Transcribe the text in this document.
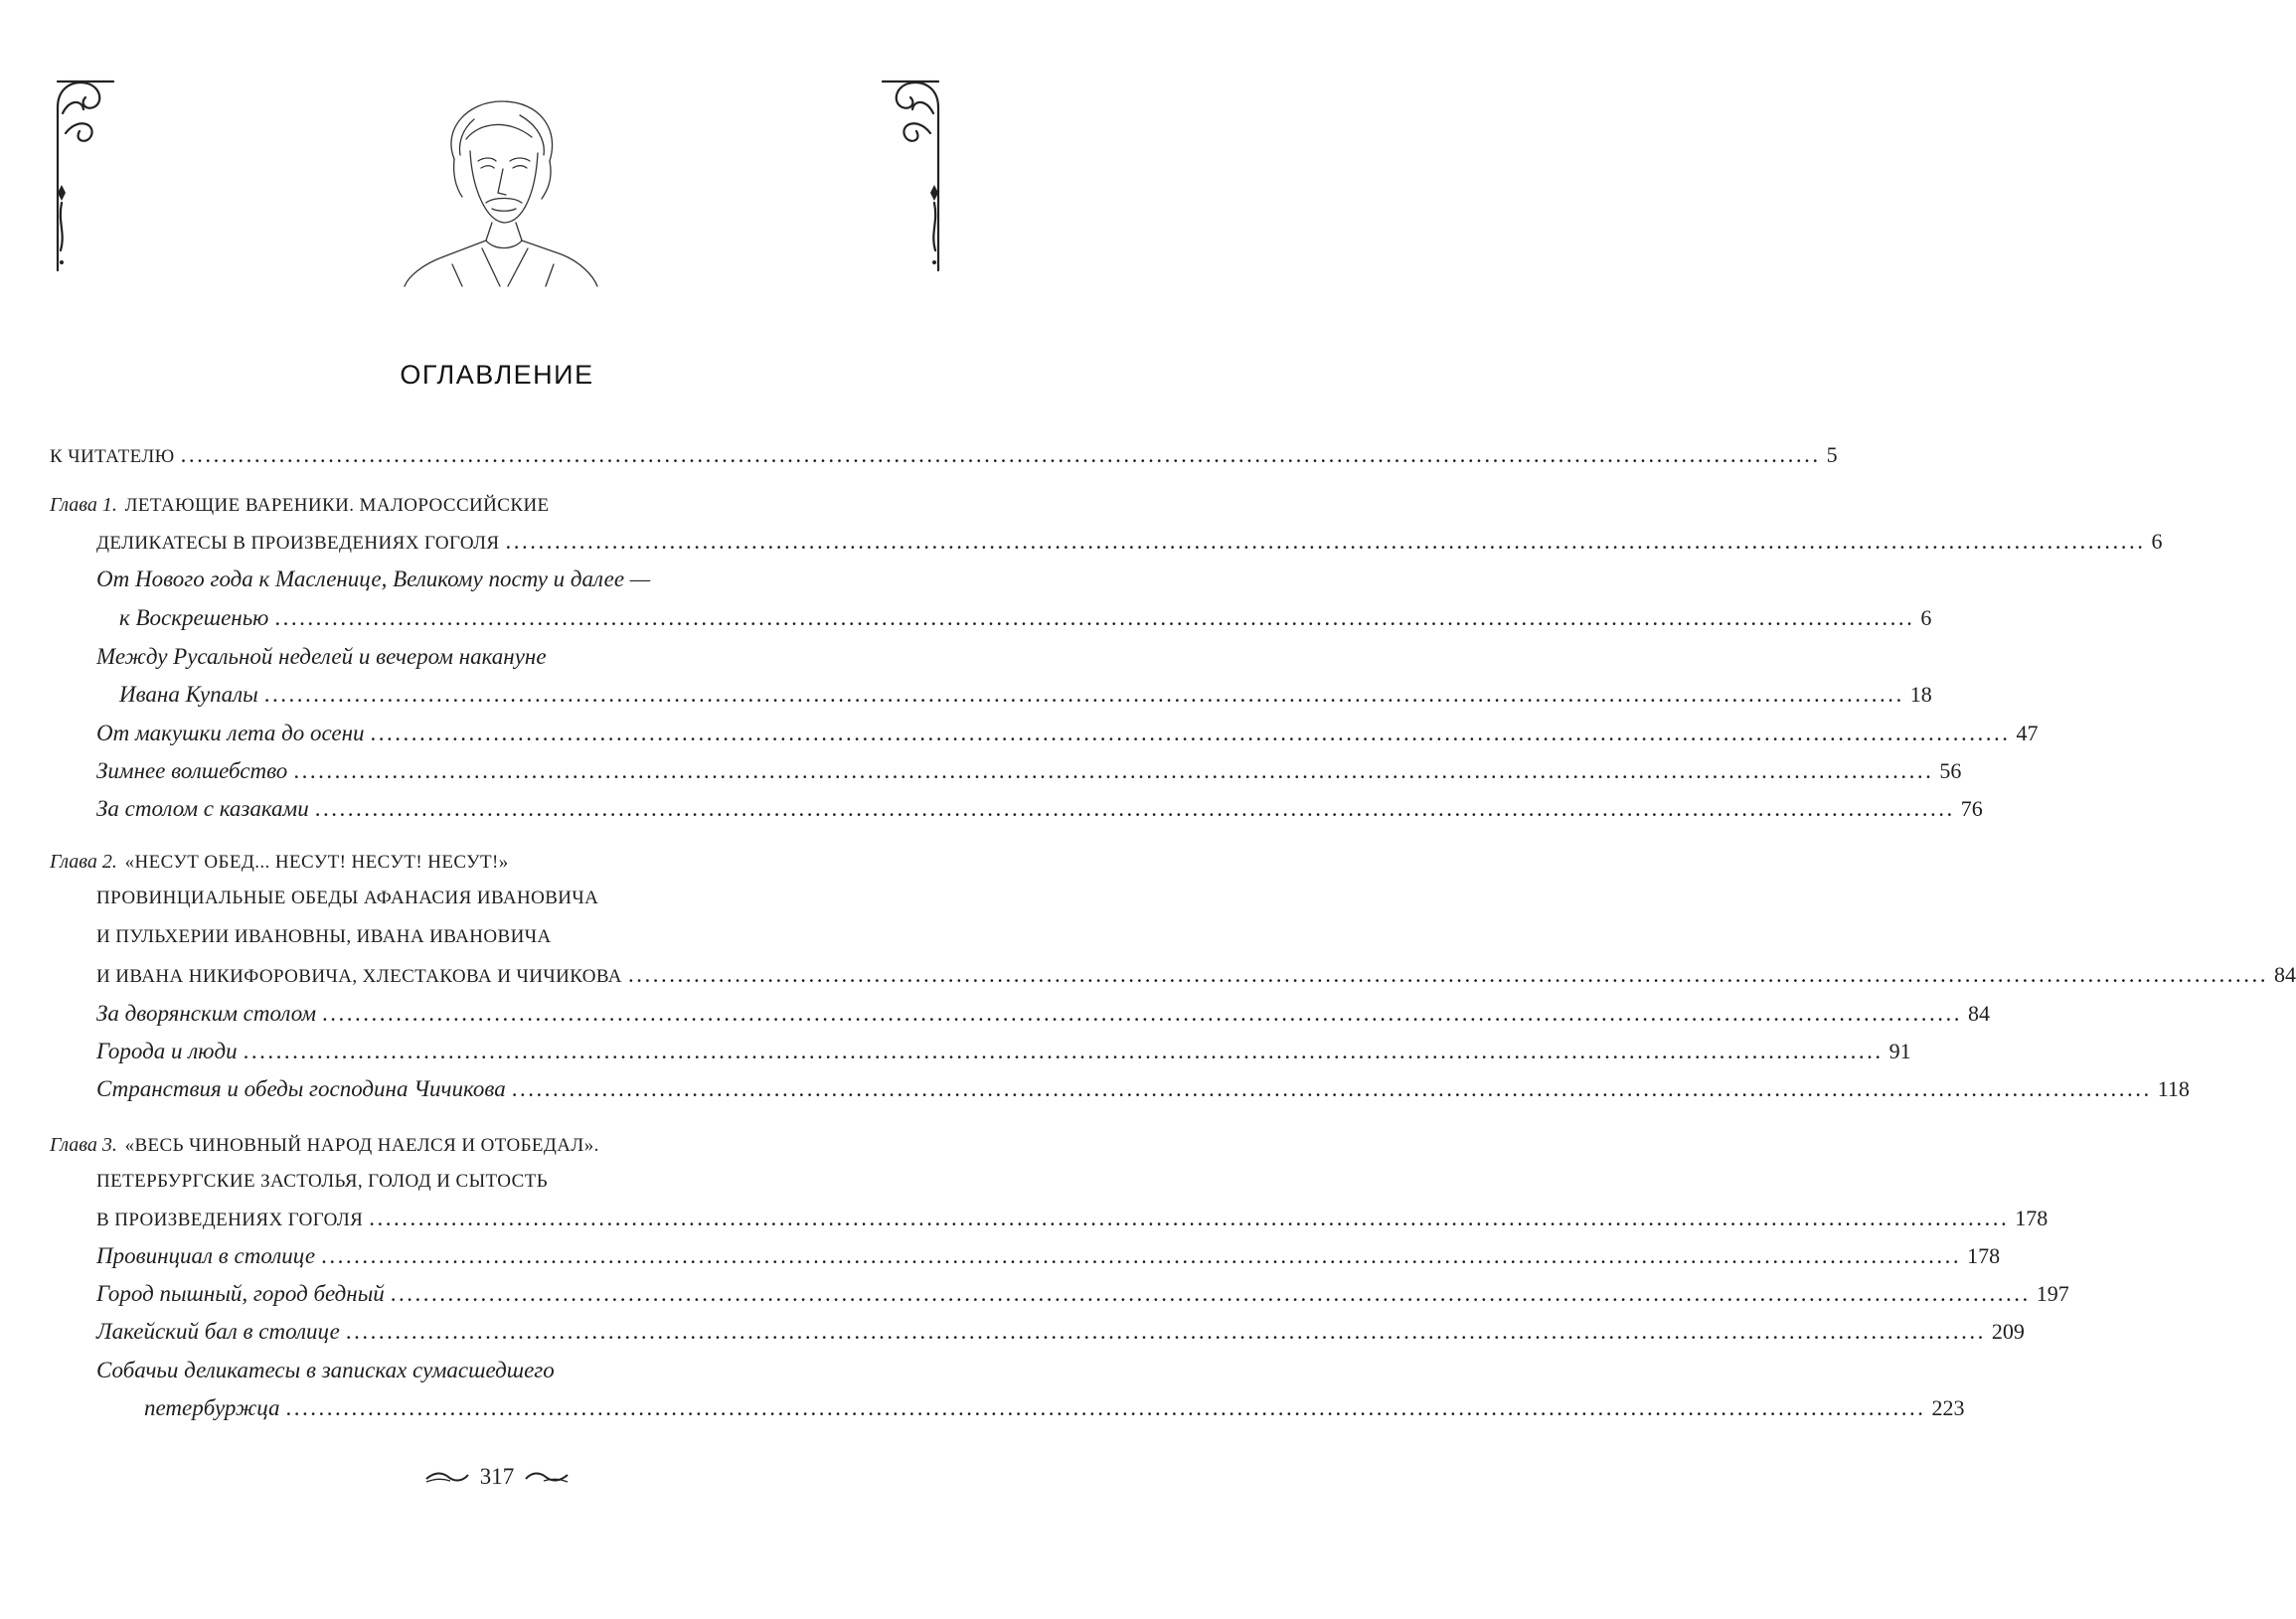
ОГЛАВЛЕНИЕ
К ЧИТАТЕЛЮ ........................................................................................................................................................................................................ 5
Глава 1. ЛЕТАЮЩИЕ ВАРЕНИКИ. МАЛОРОССИЙСКИЕ
ДЕЛИКАТЕСЫ В ПРОИЗВЕДЕНИЯХ ГОГОЛЯ ........................................................................................................................................................................................................ 6
От Нового года к Масленице, Великому посту и далее —
к Воскрешенью ........................................................................................................................................................................................................ 6
Между Русальной неделей и вечером накануне
Ивана Купалы ........................................................................................................................................................................................................ 18
От макушки лета до осени ........................................................................................................................................................................................................ 47
Зимнее волшебство ........................................................................................................................................................................................................ 56
За столом с казаками ........................................................................................................................................................................................................ 76
Глава 2. «НЕСУТ ОБЕД... НЕСУТ! НЕСУТ! НЕСУТ!»
ПРОВИНЦИАЛЬНЫЕ ОБЕДЫ АФАНАСИЯ ИВАНОВИЧА
И ПУЛЬХЕРИИ ИВАНОВНЫ, ИВАНА ИВАНОВИЧА
И ИВАНА НИКИФОРОВИЧА, ХЛЕСТАКОВА И ЧИЧИКОВА ........................................................................................................................................................................................................ 84
За дворянским столом ........................................................................................................................................................................................................ 84
Города и люди ........................................................................................................................................................................................................ 91
Странствия и обеды господина Чичикова ........................................................................................................................................................................................................ 118
Глава 3. «ВЕСЬ ЧИНОВНЫЙ НАРОД НАЕЛСЯ И ОТОБЕДАЛ».
ПЕТЕРБУРГСКИЕ ЗАСТОЛЬЯ, ГОЛОД И СЫТОСТЬ
В ПРОИЗВЕДЕНИЯХ ГОГОЛЯ ........................................................................................................................................................................................................ 178
Провинциал в столице ........................................................................................................................................................................................................ 178
Город пышный, город бедный ........................................................................................................................................................................................................ 197
Лакейский бал в столице ........................................................................................................................................................................................................ 209
Собачьи деликатесы в записках сумасшедшего
петербуржца ........................................................................................................................................................................................................ 223
317
